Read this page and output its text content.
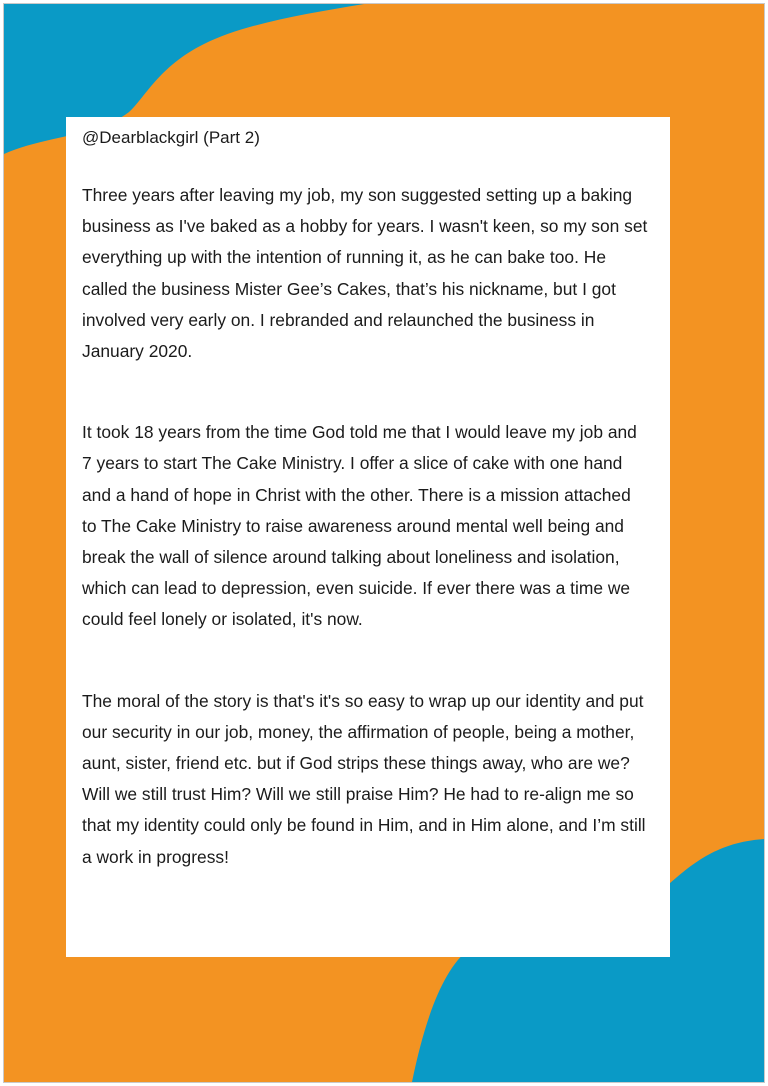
@Dearblackgirl (Part 2)

Three years after leaving my job, my son suggested setting up a baking business as I've baked as a hobby for years. I wasn't keen, so my son set everything up with the intention of running it, as he can bake too. He called the business Mister Gee’s Cakes, that’s his nickname, but I got involved very early on. I rebranded and relaunched the business in January 2020.

It took 18 years from the time God told me that I would leave my job and 7 years to start The Cake Ministry. I offer a slice of cake with one hand and a hand of hope in Christ with the other. There is a mission attached to The Cake Ministry to raise awareness around mental well being and break the wall of silence around talking about loneliness and isolation, which can lead to depression, even suicide. If ever there was a time we could feel lonely or isolated, it's now.

The moral of the story is that's it's so easy to wrap up our identity and put our security in our job, money, the affirmation of people, being a mother, aunt, sister, friend etc. but if God strips these things away, who are we? Will we still trust Him? Will we still praise Him? He had to re-align me so that my identity could only be found in Him, and in Him alone, and I’m still a work in progress!
